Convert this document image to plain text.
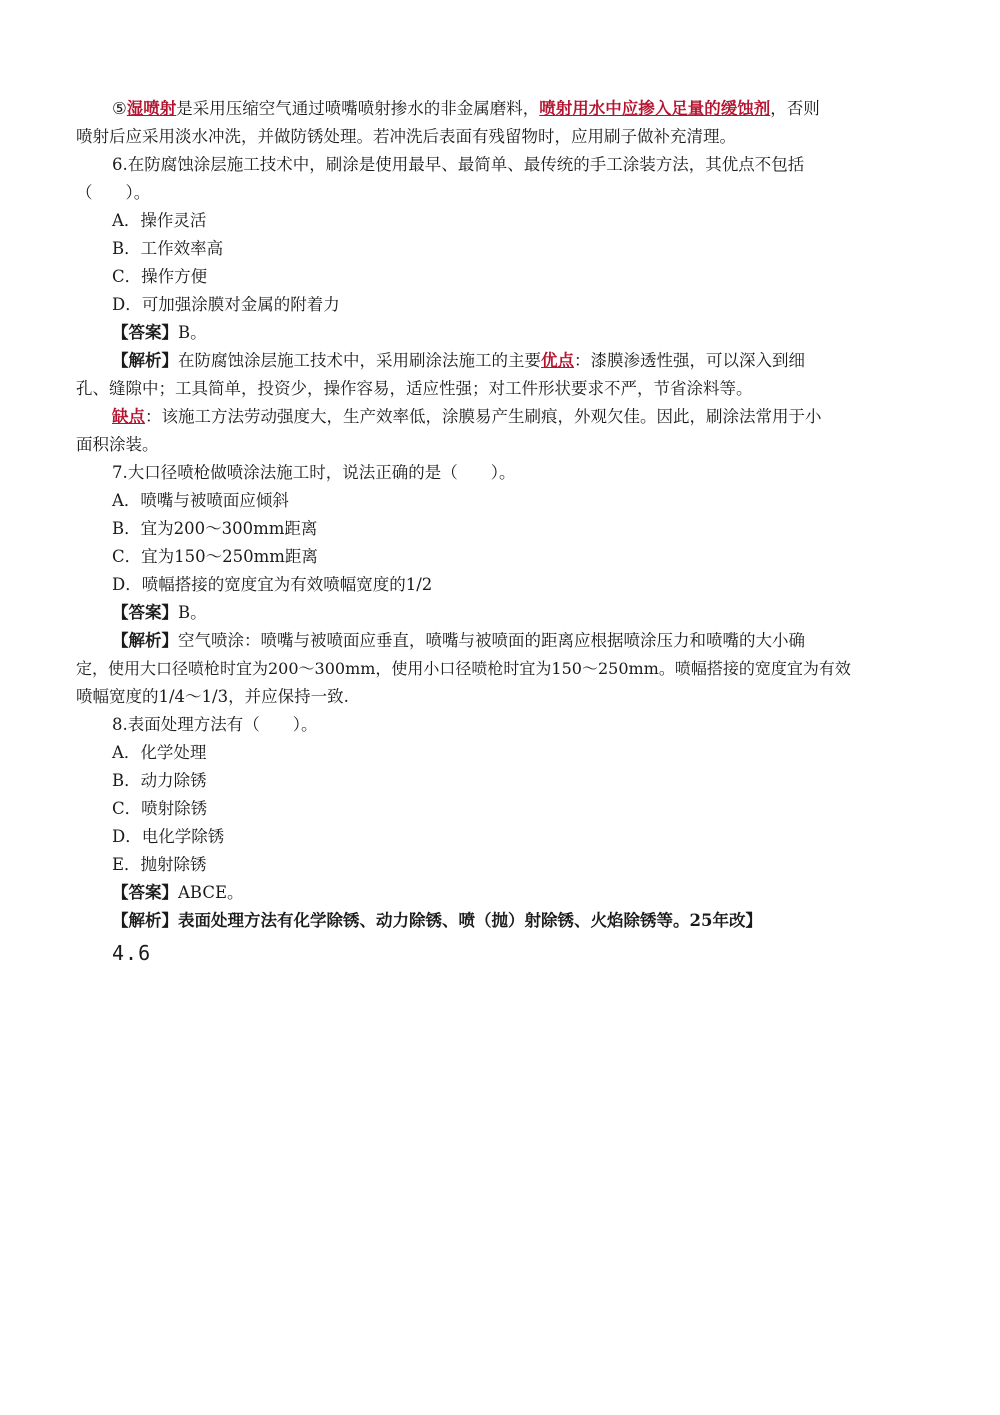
⑤湿喷射是采用压缩空气通过喷嘴喷射掺水的非金属磨料，喷射用水中应掺入足量的缓蚀剂，否则
喷射后应采用淡水冲洗，并做防锈处理。若冲洗后表面有残留物时，应用刷子做补充清理。
6.在防腐蚀涂层施工技术中，刷涂是使用最早、最简单、最传统的手工涂装方法，其优点不包括
（　　）。
A．操作灵活
B．工作效率高
C．操作方便
D．可加强涂膜对金属的附着力
【答案】B。
【解析】在防腐蚀涂层施工技术中，采用刷涂法施工的主要优点：漆膜渗透性强，可以深入到细
孔、缝隙中；工具简单，投资少，操作容易，适应性强；对工件形状要求不严，节省涂料等。
缺点：该施工方法劳动强度大，生产效率低，涂膜易产生刷痕，外观欠佳。因此，刷涂法常用于小
面积涂装。
7.大口径喷枪做喷涂法施工时，说法正确的是（　　）。
A．喷嘴与被喷面应倾斜
B．宜为200～300mm距离
C．宜为150～250mm距离
D．喷幅搭接的宽度宜为有效喷幅宽度的1/2
【答案】B。
【解析】空气喷涂：喷嘴与被喷面应垂直，喷嘴与被喷面的距离应根据喷涂压力和喷嘴的大小确
定，使用大口径喷枪时宜为200～300mm，使用小口径喷枪时宜为150～250mm。喷幅搭接的宽度宜为有效
喷幅宽度的1/4～1/3，并应保持一致.
8.表面处理方法有（　　）。
A．化学处理
B．动力除锈
C．喷射除锈
D．电化学除锈
E．抛射除锈
【答案】ABCE。
【解析】表面处理方法有化学除锈、动力除锈、喷（抛）射除锈、火焰除锈等。25年改】
4.6
